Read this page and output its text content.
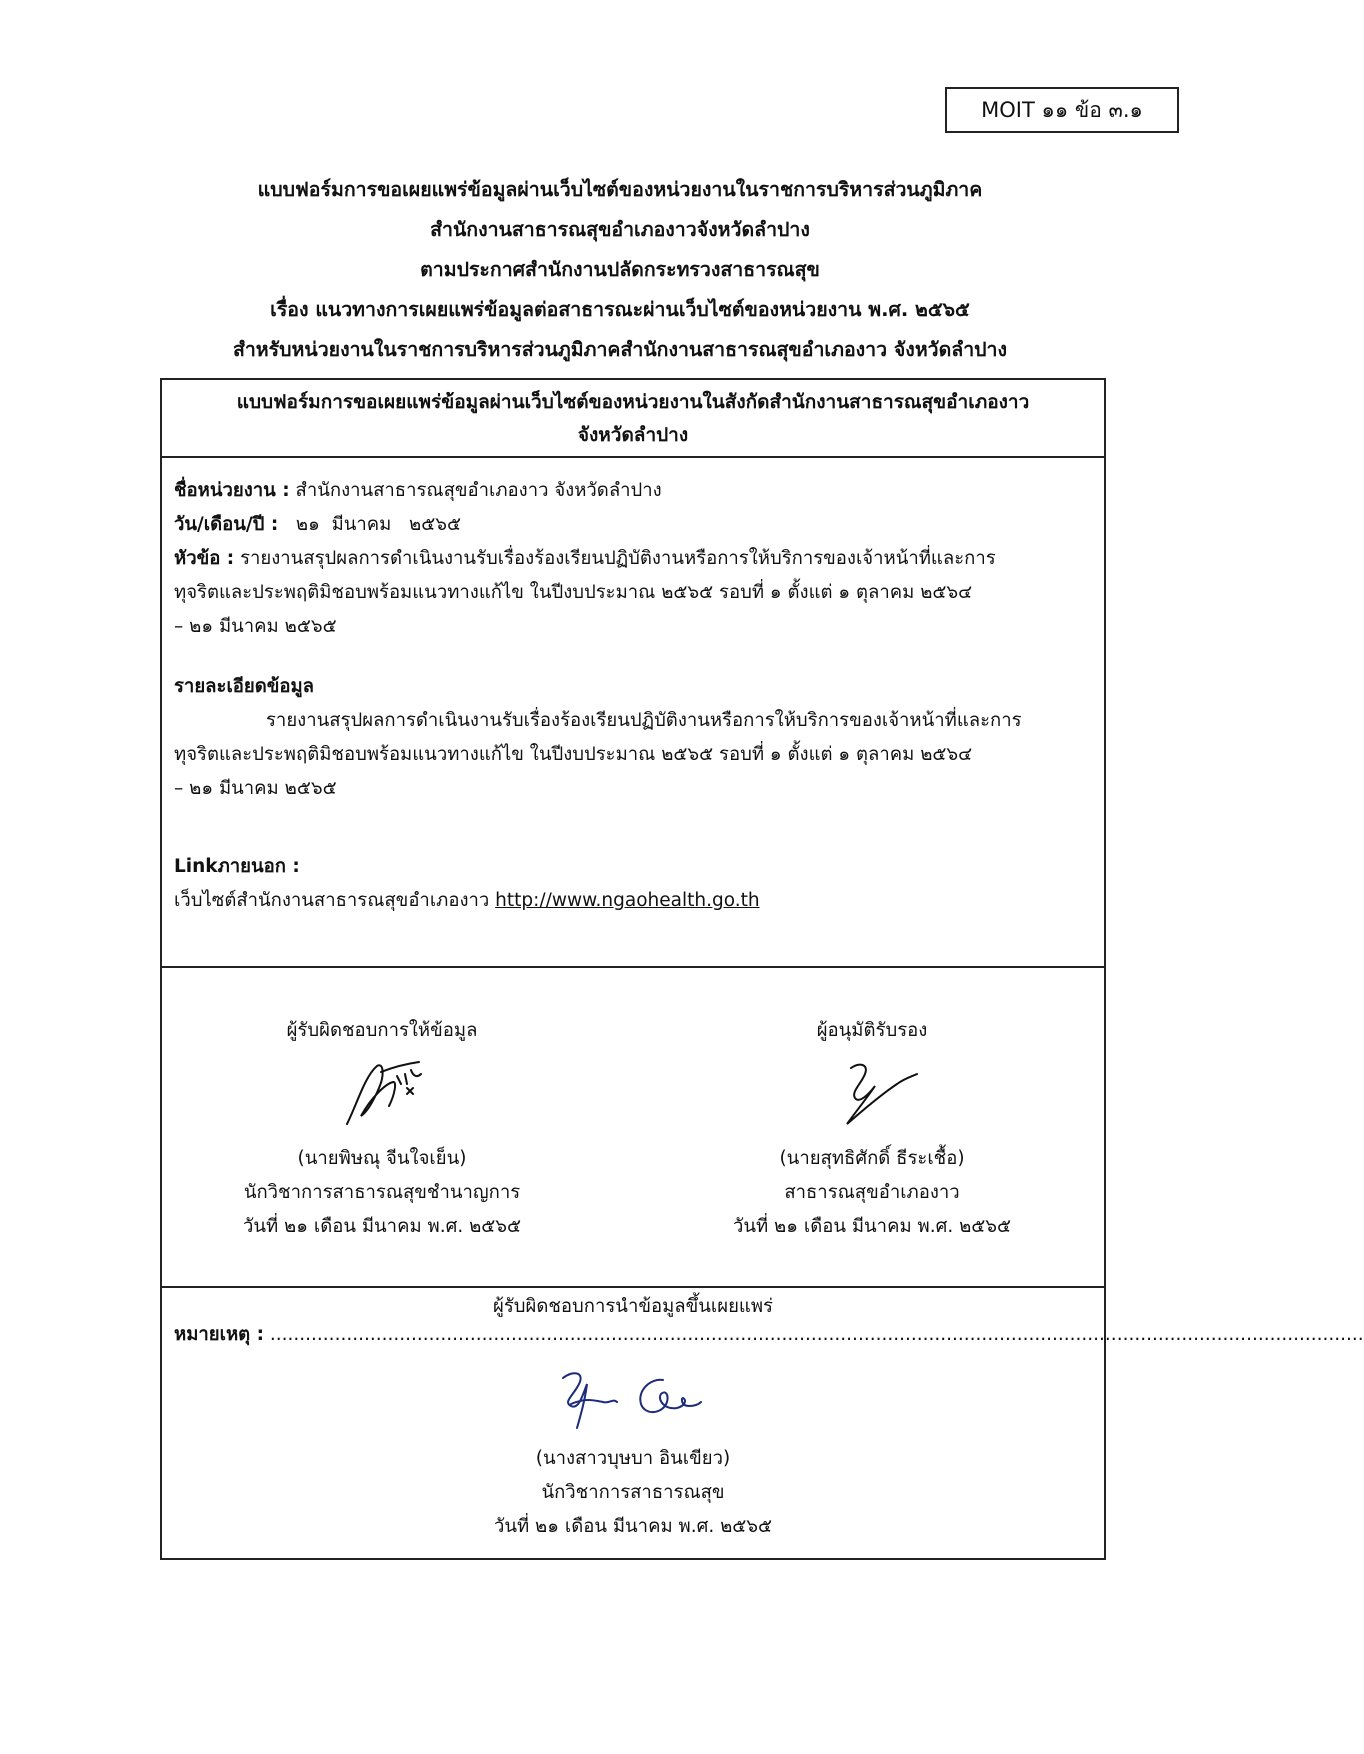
MOIT ๑๑ ข้อ ๓.๑
แบบฟอร์มการขอเผยแพร่ข้อมูลผ่านเว็บไซต์ของหน่วยงานในราชการบริหารส่วนภูมิภาค
สำนักงานสาธารณสุขอำเภองาวจังหวัดลำปาง
ตามประกาศสำนักงานปลัดกระทรวงสาธารณสุข
เรื่อง แนวทางการเผยแพร่ข้อมูลต่อสาธารณะผ่านเว็บไซต์ของหน่วยงาน พ.ศ. ๒๕๖๕
สำหรับหน่วยงานในราชการบริหารส่วนภูมิภาคสำนักงานสาธารณสุขอำเภองาว จังหวัดลำปาง
แบบฟอร์มการขอเผยแพร่ข้อมูลผ่านเว็บไซต์ของหน่วยงานในสังกัดสำนักงานสาธารณสุขอำเภองาว
จังหวัดลำปาง
ชื่อหน่วยงาน : สำนักงานสาธารณสุขอำเภองาว จังหวัดลำปาง
วัน/เดือน/ปี :   ๒๑  มีนาคม   ๒๕๖๕
หัวข้อ : รายงานสรุปผลการดำเนินงานรับเรื่องร้องเรียนปฏิบัติงานหรือการให้บริการของเจ้าหน้าที่และการ
ทุจริตและประพฤติมิชอบพร้อมแนวทางแก้ไข ในปีงบประมาณ ๒๕๖๕ รอบที่ ๑ ตั้งแต่ ๑ ตุลาคม ๒๕๖๔
– ๒๑ มีนาคม ๒๕๖๕
รายละเอียดข้อมูล
รายงานสรุปผลการดำเนินงานรับเรื่องร้องเรียนปฏิบัติงานหรือการให้บริการของเจ้าหน้าที่และการ
ทุจริตและประพฤติมิชอบพร้อมแนวทางแก้ไข ในปีงบประมาณ ๒๕๖๕ รอบที่ ๑ ตั้งแต่ ๑ ตุลาคม ๒๕๖๔
– ๒๑ มีนาคม ๒๕๖๕
Linkภายนอก :
เว็บไซต์สำนักงานสาธารณสุขอำเภองาว http://www.ngaohealth.go.th
หมายเหตุ : ..........................................................................................................................................................................................
ผู้รับผิดชอบการให้ข้อมูล
(นายพิษณุ จีนใจเย็น)
นักวิชาการสาธารณสุขชำนาญการ
วันที่ ๒๑ เดือน มีนาคม พ.ศ. ๒๕๖๕
ผู้อนุมัติรับรอง
(นายสุทธิศักดิ์ ธีระเชื้อ)
สาธารณสุขอำเภองาว
วันที่ ๒๑ เดือน มีนาคม พ.ศ. ๒๕๖๕
ผู้รับผิดชอบการนำข้อมูลขึ้นเผยแพร่
(นางสาวบุษบา อินเขียว)
นักวิชาการสาธารณสุข
วันที่ ๒๑ เดือน มีนาคม พ.ศ. ๒๕๖๕
